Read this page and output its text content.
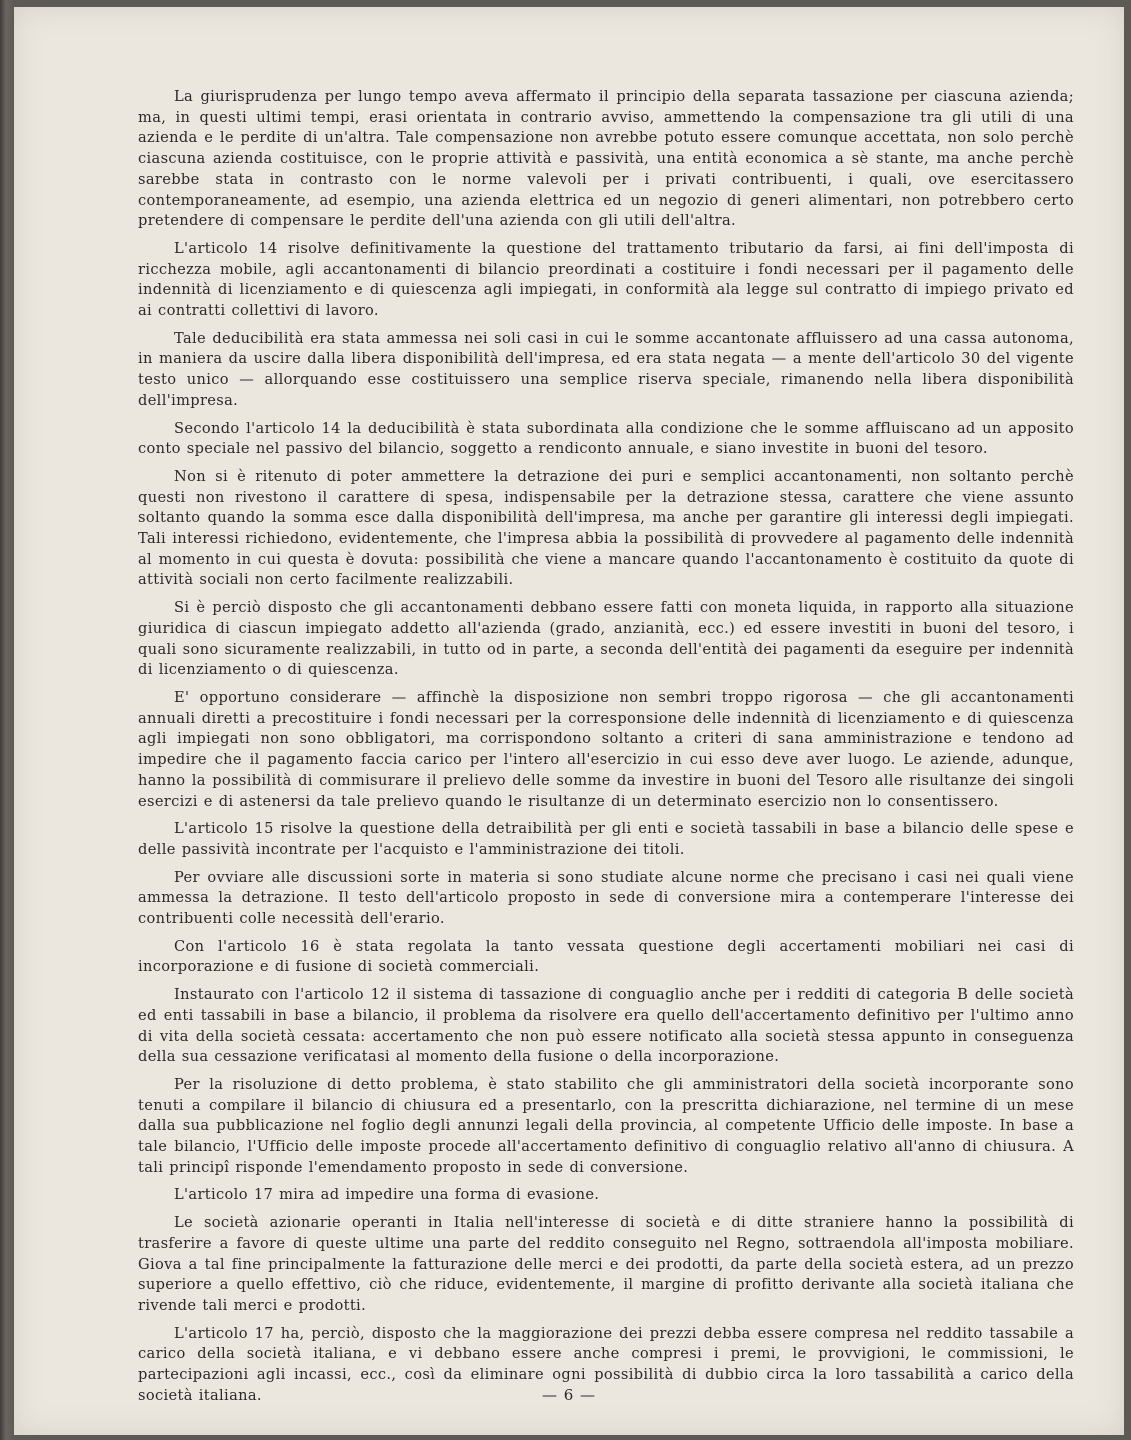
La giurisprudenza per lungo tempo aveva affermato il principio della separata tassazione per ciascuna azienda; ma, in questi ultimi tempi, erasi orientata in contrario avviso, ammettendo la compensazione tra gli utili di una azienda e le perdite di un'altra. Tale compensazione non avrebbe potuto essere comunque accettata, non solo perchè ciascuna azienda costituisce, con le proprie attività e passività, una entità economica a sè stante, ma anche perchè sarebbe stata in contrasto con le norme valevoli per i privati contribuenti, i quali, ove esercitassero contemporaneamente, ad esempio, una azienda elettrica ed un negozio di generi alimentari, non potrebbero certo pretendere di compensare le perdite dell'una azienda con gli utili dell'altra.

L'articolo 14 risolve definitivamente la questione del trattamento tributario da farsi, ai fini dell'imposta di ricchezza mobile, agli accantonamenti di bilancio preordinati a costituire i fondi necessari per il pagamento delle indennità di licenziamento e di quiescenza agli impiegati, in conformità ala legge sul contratto di impiego privato ed ai contratti collettivi di lavoro.

Tale deducibilità era stata ammessa nei soli casi in cui le somme accantonate affluissero ad una cassa autonoma, in maniera da uscire dalla libera disponibilità dell'impresa, ed era stata negata — a mente dell'articolo 30 del vigente testo unico — allorquando esse costituissero una semplice riserva speciale, rimanendo nella libera disponibilità dell'impresa.

Secondo l'articolo 14 la deducibilità è stata subordinata alla condizione che le somme affluiscano ad un apposito conto speciale nel passivo del bilancio, soggetto a rendiconto annuale, e siano investite in buoni del tesoro.

Non si è ritenuto di poter ammettere la detrazione dei puri e semplici accantonamenti, non soltanto perchè questi non rivestono il carattere di spesa, indispensabile per la detrazione stessa, carattere che viene assunto soltanto quando la somma esce dalla disponibilità dell'impresa, ma anche per garantire gli interessi degli impiegati. Tali interessi richiedono, evidentemente, che l'impresa abbia la possibilità di provvedere al pagamento delle indennità al momento in cui questa è dovuta: possibilità che viene a mancare quando l'accantonamento è costituito da quote di attività sociali non certo facilmente realizzabili.

Si è perciò disposto che gli accantonamenti debbano essere fatti con moneta liquida, in rapporto alla situazione giuridica di ciascun impiegato addetto all'azienda (grado, anzianità, ecc.) ed essere investiti in buoni del tesoro, i quali sono sicuramente realizzabili, in tutto od in parte, a seconda dell'entità dei pagamenti da eseguire per indennità di licenziamento o di quiescenza.

E' opportuno considerare — affinchè la disposizione non sembri troppo rigorosa — che gli accantonamenti annuali diretti a precostituire i fondi necessari per la corresponsione delle indennità di licenziamento e di quiescenza agli impiegati non sono obbligatori, ma corrispondono soltanto a criteri di sana amministrazione e tendono ad impedire che il pagamento faccia carico per l'intero all'esercizio in cui esso deve aver luogo. Le aziende, adunque, hanno la possibilità di commisurare il prelievo delle somme da investire in buoni del Tesoro alle risultanze dei singoli esercizi e di astenersi da tale prelievo quando le risultanze di un determinato esercizio non lo consentissero.

L'articolo 15 risolve la questione della detraibilità per gli enti e società tassabili in base a bilancio delle spese e delle passività incontrate per l'acquisto e l'amministrazione dei titoli.

Per ovviare alle discussioni sorte in materia si sono studiate alcune norme che precisano i casi nei quali viene ammessa la detrazione. Il testo dell'articolo proposto in sede di conversione mira a contemperare l'interesse dei contribuenti colle necessità dell'erario.

Con l'articolo 16 è stata regolata la tanto vessata questione degli accertamenti mobiliari nei casi di incorporazione e di fusione di società commerciali.

Instaurato con l'articolo 12 il sistema di tassazione di conguaglio anche per i redditi di categoria B delle società ed enti tassabili in base a bilancio, il problema da risolvere era quello dell'accertamento definitivo per l'ultimo anno di vita della società cessata: accertamento che non può essere notificato alla società stessa appunto in conseguenza della sua cessazione verificatasi al momento della fusione o della incorporazione.

Per la risoluzione di detto problema, è stato stabilito che gli amministratori della società incorporante sono tenuti a compilare il bilancio di chiusura ed a presentarlo, con la prescritta dichiarazione, nel termine di un mese dalla sua pubblicazione nel foglio degli annunzi legali della provincia, al competente Ufficio delle imposte. In base a tale bilancio, l'Ufficio delle imposte procede all'accertamento definitivo di conguaglio relativo all'anno di chiusura. A tali principî risponde l'emendamento proposto in sede di conversione.

L'articolo 17 mira ad impedire una forma di evasione.

Le società azionarie operanti in Italia nell'interesse di società e di ditte straniere hanno la possibilità di trasferire a favore di queste ultime una parte del reddito conseguito nel Regno, sottraendola all'imposta mobiliare. Giova a tal fine principalmente la fatturazione delle merci e dei prodotti, da parte della società estera, ad un prezzo superiore a quello effettivo, ciò che riduce, evidentemente, il margine di profitto derivante alla società italiana che rivende tali merci e prodotti.

L'articolo 17 ha, perciò, disposto che la maggiorazione dei prezzi debba essere compresa nel reddito tassabile a carico della società italiana, e vi debbano essere anche compresi i premi, le provvigioni, le commissioni, le partecipazioni agli incassi, ecc., così da eliminare ogni possibilità di dubbio circa la loro tassabilità a carico della società italiana.	— 6 —
